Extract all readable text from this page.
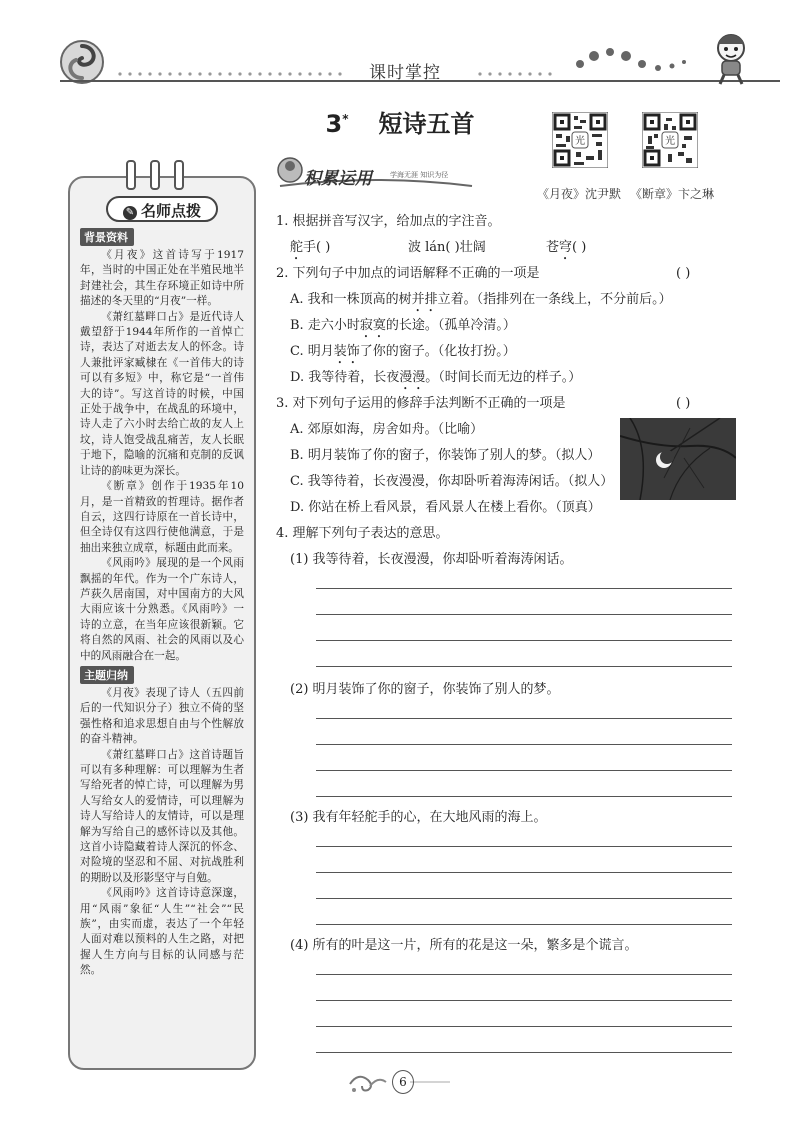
课时掌控
3* 短诗五首
光	光
《月夜》沈尹默 《断章》卞之琳
✎ 名师点拨
背景资料

《月夜》这首诗写于1917年，当时的中国正处在半殖民地半封建社会，其生存环境正如诗中所描述的冬天里的“月夜”一样。

《萧红墓畔口占》是近代诗人戴望舒于1944年所作的一首悼亡诗，表达了对逝去友人的怀念。诗人兼批评家臧棣在《一首伟大的诗可以有多短》中，称它是“一首伟大的诗”。写这首诗的时候，中国正处于战争中，在战乱的环境中，诗人走了六小时去给亡故的友人上坟，诗人饱受战乱痛苦，友人长眠于地下，隐喻的沉痛和克制的反讽让诗的韵味更为深长。

《断章》创作于1935年10月，是一首精致的哲理诗。据作者自云，这四行诗原在一首长诗中，但全诗仅有这四行使他满意，于是抽出来独立成章，标题由此而来。

《风雨吟》展现的是一个风雨飘摇的年代。作为一个广东诗人，芦荻久居南国，对中国南方的大风大雨应该十分熟悉。《风雨吟》一诗的立意，在当年应该很新颖。它将自然的风雨、社会的风雨以及心中的风雨融合在一起。

主题归纳

《月夜》表现了诗人（五四前后的一代知识分子）独立不倚的坚强性格和追求思想自由与个性解放的奋斗精神。

《萧红墓畔口占》这首诗题旨可以有多种理解：可以理解为生者写给死者的悼亡诗，可以理解为男人写给女人的爱情诗，可以理解为诗人写给诗人的友情诗，可以是理解为写给自己的感怀诗以及其他。这首小诗隐藏着诗人深沉的怀念、对险境的坚忍和不屈、对抗战胜利的期盼以及形影坚守与自勉。

《风雨吟》这首诗诗意深邃，用“风雨”象征“人生”“社会”“民族”，由实而虚，表达了一个年轻人面对难以预料的人生之路，对把握人生方向与目标的认同感与茫然。

积累运用	学海无涯 知识为径
1. 根据拼音写汉字，给加点的字注音。
舵手( )	波 lán( )壮阔	苍穹( )
2. 下列句子中加点的词语解释不正确的一项是	( )
A. 我和一株顶高的树并排立着。（指排列在一条线上，不分前后。）
B. 走六小时寂寞的长途。（孤单冷清。）
C. 明月装饰了你的窗子。（化妆打扮。）
D. 我等待着，长夜漫漫。（时间长而无边的样子。）
3. 对下列句子运用的修辞手法判断不正确的一项是	( )
A. 郊原如海，房舍如舟。（比喻）
B. 明月装饰了你的窗子，你装饰了别人的梦。（拟人）
C. 我等待着，长夜漫漫，你却卧听着海涛闲话。（拟人）
D. 你站在桥上看风景，看风景人在楼上看你。（顶真）
4. 理解下列句子表达的意思。
(1) 我等待着，长夜漫漫，你却卧听着海涛闲话。
(2) 明月装饰了你的窗子，你装饰了别人的梦。
(3) 我有年轻舵手的心，在大地风雨的海上。
(4) 所有的叶是这一片，所有的花是这一朵，繁多是个谎言。
6
